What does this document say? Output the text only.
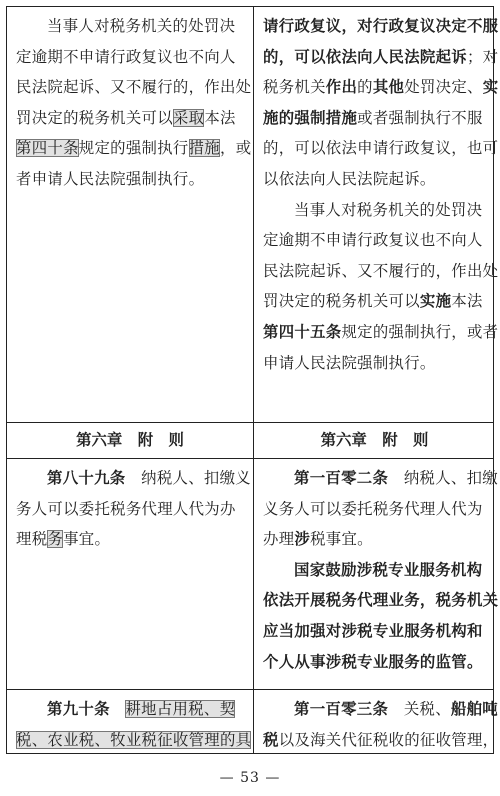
当事人对税务机关的处罚决
定逾期不申请行政复议也不向人
民法院起诉、又不履行的，作出处
罚决定的税务机关可以采取本法
第四十条规定的强制执行措施，或
者申请人民法院强制执行。
请行政复议，对行政复议决定不服
的，可以依法向人民法院起诉；对
税务机关作出的其他处罚决定、实
施的强制措施或者强制执行不服
的，可以依法申请行政复议，也可
以依法向人民法院起诉。
当事人对税务机关的处罚决
定逾期不申请行政复议也不向人
民法院起诉、又不履行的，作出处
罚决定的税务机关可以实施本法
第四十五条规定的强制执行，或者
申请人民法院强制执行。
第六章　附　则	第六章　附　则
第八十九条　纳税人、扣缴义
务人可以委托税务代理人代为办
理税务事宜。
第一百零二条　纳税人、扣缴
义务人可以委托税务代理人代为
办理涉税事宜。
国家鼓励涉税专业服务机构
依法开展税务代理业务，税务机关
应当加强对涉税专业服务机构和
个人从事涉税专业服务的监管。
第九十条　 耕地占用税、契
税、农业税、牧业税征收管理的具
第一百零三条　关税、船舶吨
税以及海关代征税收的征收管理，
— 53 —
